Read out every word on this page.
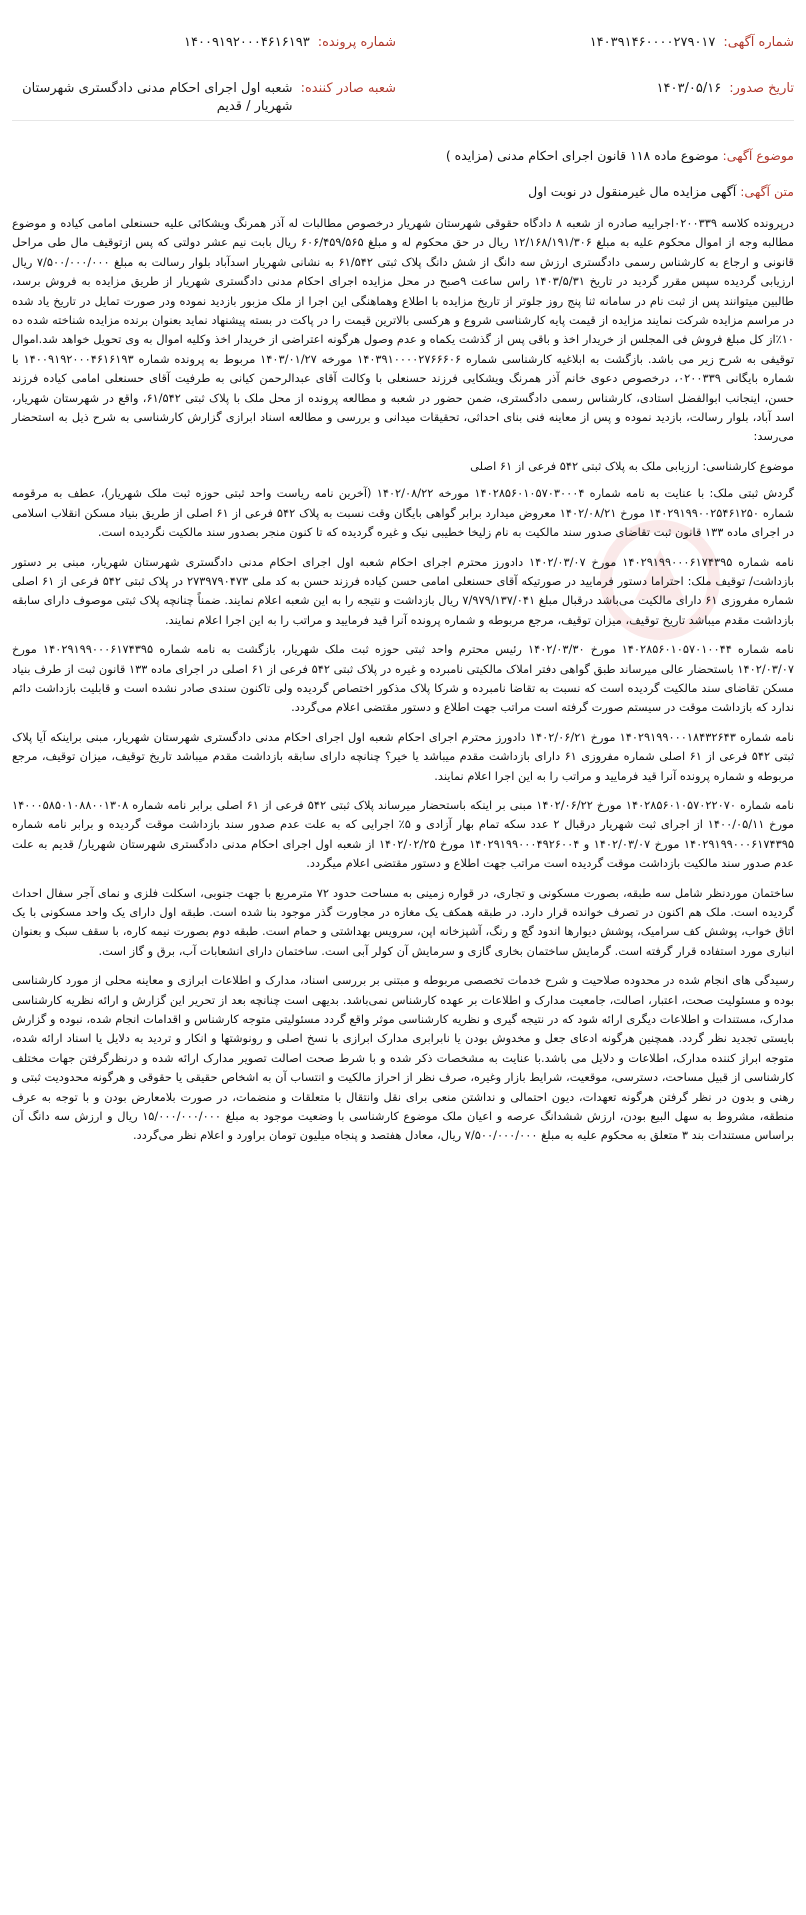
شماره آگهی:
۱۴۰۳۹۱۴۶۰۰۰۰۲۷۹۰۱۷
شماره پرونده:
۱۴۰۰۹۱۹۲۰۰۰۴۶۱۶۱۹۳
تاریخ صدور:
۱۴۰۳/۰۵/۱۶
شعبه صادر کننده:
شعبه اول اجرای احکام مدنی دادگستری شهرستان شهریار / قدیم
موضوع آگهی: موضوع ماده ۱۱۸ قانون اجرای احکام مدنی (مزایده )
متن آگهی: آگهی مزایده مال غیرمنقول در نوبت اول

درپرونده کلاسه ۰۲۰۰۳۳۹اجراییه صادره از شعبه ۸ دادگاه حقوقی شهرستان شهریار درخصوص مطالبات له آذر همرنگ ویشکائی علیه حسنعلی امامی کیاده و موضوع مطالبه وجه از اموال محکوم علیه به مبلغ ۱۲/۱۶۸/۱۹۱/۳۰۶ ریال در حق محکوم له و مبلغ ۶۰۶/۴۵۹/۵۶۵ ریال بابت نیم عشر دولتی که پس ازتوقیف مال طی مراحل قانونی و ارجاع به کارشناس رسمی دادگستری ارزش سه دانگ از شش دانگ پلاک ثبتی ۶۱/۵۴۲ به نشانی شهریار اسدآباد بلوار رسالت به مبلغ ۷/۵۰۰/۰۰۰/۰۰۰ ریال ارزیابی گردیده سپس مقرر گردید در تاریخ ۱۴۰۳/۵/۳۱ راس ساعت ۹صبح در محل مزایده اجرای احکام مدنی دادگستری شهریار از طریق مزایده به فروش برسد، طالبین میتوانند پس از ثبت نام در سامانه ثنا پنج روز جلوتر از تاریخ مزایده با اطلاع وهماهنگی این اجرا از ملک مزبور بازدید نموده ودر صورت تمایل در تاریخ یاد شده در مراسم مزایده شرکت نمایند مزایده از قیمت پایه کارشناسی شروع و هرکسی بالاترین قیمت را در پاکت در بسته پیشنهاد نماید بعنوان برنده مزایده شناخته شده ده ۱۰٪از کل مبلغ فروش فی المجلس از خریدار اخذ و باقی پس از گذشت یکماه و عدم وصول هرگونه اعتراضی از خریدار اخذ وکلیه اموال به وی تحویل خواهد شد.اموال توقیفی به شرح زیر می باشد. بازگشت به ابلاغیه کارشناسی شماره ۱۴۰۳۹۱۰۰۰۰۲۷۶۶۶۰۶ مورخه ۱۴۰۳/۰۱/۲۷ مربوط به پرونده شماره ۱۴۰۰۹۱۹۲۰۰۰۴۶۱۶۱۹۳ با شماره بایگانی ۰۲۰۰۳۳۹، درخصوص دعوی خانم آذر همرنگ ویشکایی فرزند حسنعلی با وکالت آقای عبدالرحمن کیانی به طرفیت آقای حسنعلی امامی کیاده فرزند حسن، اینجانب ابوالفضل استادی، کارشناس رسمی دادگستری، ضمن حضور در شعبه و مطالعه پرونده از محل ملک با پلاک ثبتی ۶۱/۵۴۲، واقع در شهرستان شهریار، اسد آباد، بلوار رسالت، بازدید نموده و پس از معاینه فنی بنای احداثی، تحقیقات میدانی و بررسی و مطالعه اسناد ابرازی گزارش کارشناسی به شرح ذیل به استحضار می‌رسد:

موضوع کارشناسی: ارزیابی ملک به پلاک ثبتی ۵۴۲ فرعی از ۶۱ اصلی

گردش ثبتی ملک: با عنایت به نامه شماره ۱۴۰۲۸۵۶۰۱۰۵۷۰۳۰۰۰۴ مورخه ۱۴۰۲/۰۸/۲۲ (آخرین نامه ریاست واحد ثبتی حوزه ثبت ملک شهریار)، عطف به مرقومه شماره ۱۴۰۲۹۱۹۹۰۰۲۵۴۶۱۲۵۰ مورخ ۱۴۰۲/۰۸/۲۱ معروض میدارد برابر گواهی بایگان وقت نسبت به پلاک ۵۴۲ فرعی از ۶۱ اصلی از طریق بنیاد مسکن انقلاب اسلامی در اجرای ماده ۱۳۳ قانون ثبت تقاضای صدور سند مالکیت به نام زلیخا خطیبی نیک و غیره گردیده که تا کنون منجر بصدور سند مالکیت نگردیده است.

نامه شماره ۱۴۰۲۹۱۹۹۰۰۰۶۱۷۴۳۹۵ مورخ ۱۴۰۲/۰۳/۰۷ دادورز محترم اجرای احکام شعبه اول اجرای احکام مدنی دادگستری شهرستان شهریار، مبنی بر دستور بازداشت/ توقیف ملک: احتراما دستور فرمایید در صورتیکه آقای حسنعلی امامی حسن کیاده فرزند حسن به کد ملی ۲۷۳۹۷۹۰۴۷۳ در پلاک ثبتی ۵۴۲ فرعی از ۶۱ اصلی شماره مفروزی ۶۱ دارای مالکیت می‌باشد درقبال مبلغ ۷/۹۷۹/۱۳۷/۰۴۱ ریال بازداشت و نتیجه را به این شعبه اعلام نمایند. ضمناً چنانچه پلاک ثبتی موصوف دارای سابقه بازداشت مقدم میباشد تاریخ توقیف، میزان توقیف، مرجع مربوطه و شماره پرونده آنرا قید فرمایید و مراتب را به این اجرا اعلام نمایند.

نامه شماره ۱۴۰۲۸۵۶۰۱۰۵۷۰۱۰۰۴۴ مورخ ۱۴۰۲/۰۳/۳۰ رئیس محترم واحد ثبتی حوزه ثبت ملک شهریار، بازگشت به نامه شماره ۱۴۰۲۹۱۹۹۰۰۰۶۱۷۴۳۹۵ مورخ ۱۴۰۲/۰۳/۰۷ باستحضار عالی میرساند طبق گواهی دفتر املاک مالکیتی نامبرده و غیره در پلاک ثبتی ۵۴۲ فرعی از ۶۱ اصلی در اجرای ماده ۱۳۳ قانون ثبت از طرف بنیاد مسکن تقاضای سند مالکیت گردیده است که نسبت به تقاضا نامبرده و شرکا پلاک مذکور اختصاص گردیده ولی تاکنون سندی صادر نشده است و قابلیت بازداشت دائم ندارد که بازداشت موقت در سیستم صورت گرفته است مراتب جهت اطلاع و دستور مقتضی اعلام می‌گردد.

نامه شماره ۱۴۰۲۹۱۹۹۰۰۰۱۸۴۳۲۶۴۳ مورخ ۱۴۰۲/۰۶/۲۱ دادورز محترم اجرای احکام شعبه اول اجرای احکام مدنی دادگستری شهرستان شهریار، مبنی براینکه آیا پلاک ثبتی ۵۴۲ فرعی از ۶۱ اصلی شماره مفروزی ۶۱ دارای بازداشت مقدم میباشد یا خیر؟ چنانچه دارای سابقه بازداشت مقدم میباشد تاریخ توقیف، میزان توقیف، مرجع مربوطه و شماره پرونده آنرا قید فرمایید و مراتب را به این اجرا اعلام نمایند.

نامه شماره ۱۴۰۲۸۵۶۰۱۰۵۷۰۲۲۰۷۰ مورخ ۱۴۰۲/۰۶/۲۲ مبنی بر اینکه باستحضار میرساند پلاک ثبتی ۵۴۲ فرعی از ۶۱ اصلی برابر نامه شماره ۱۴۰۰۰۵۸۵۰۱۰۸۸۰۰۱۳۰۸ مورخ ۱۴۰۰/۰۵/۱۱ از اجرای ثبت شهریار درقبال ۲ عدد سکه تمام بهار آزادی و ۵٪ اجرایی که به علت عدم صدور سند بازداشت موقت گردیده و برابر نامه شماره ۱۴۰۲۹۱۹۹۰۰۰۶۱۷۴۳۹۵ مورخ ۱۴۰۲/۰۳/۰۷ و ۱۴۰۲۹۱۹۹۰۰۰۴۹۲۶۰۰۴ مورخ ۱۴۰۲/۰۲/۲۵ از شعبه اول اجرای احکام مدنی دادگستری شهرستان شهریار/ قدیم به علت عدم صدور سند مالکیت بازداشت موقت گردیده است مراتب جهت اطلاع و دستور مقتضی اعلام میگردد.

ساختمان موردنظر شامل سه طبقه، بصورت مسکونی و تجاری، در قواره زمینی به مساحت حدود ۷۲ مترمربع با جهت جنوبی، اسکلت فلزی و نمای آجر سفال احداث گردیده است. ملک هم اکنون در تصرف خوانده قرار دارد. در طبقه همکف یک مغازه در مجاورت گذر موجود بنا شده است. طبقه اول دارای یک واحد مسکونی با یک اتاق خواب، پوشش کف سرامیک، پوشش دیوارها اندود گچ و رنگ، آشپزخانه اپن، سرویس بهداشتی و حمام است. طبقه دوم بصورت نیمه کاره، با سقف سبک و بعنوان انباری مورد استفاده قرار گرفته است. گرمایش ساختمان بخاری گازی و سرمایش آن کولر آبی است. ساختمان دارای انشعابات آب، برق و گاز است.

رسیدگی های انجام شده در محدوده صلاحیت و شرح خدمات تخصصی مربوطه و مبتنی بر بررسی اسناد، مدارک و اطلاعات ابرازی و معاینه محلی از مورد کارشناسی بوده و مسئولیت صحت، اعتبار، اصالت، جامعیت مدارک و اطلاعات بر عهده کارشناس نمی‌باشد. بدیهی است چنانچه بعد از تحریر این گزارش و ارائه نظریه کارشناسی مدارک، مستندات و اطلاعات دیگری ارائه شود که در نتیجه گیری و نظریه کارشناسی موثر واقع گردد مسئولیتی متوجه کارشناس و اقدامات انجام شده، نبوده و گزارش بایستی تجدید نظر گردد. همچنین هرگونه ادعای جعل و مخدوش بودن یا نابرابری مدارک ابرازی با نسخ اصلی و رونوشتها و انکار و تردید به دلایل یا اسناد ارائه شده، متوجه ابراز کننده مدارک، اطلاعات و دلایل می باشد.با عنایت به مشخصات ذکر شده و با شرط صحت اصالت تصویر مدارک ارائه شده و درنظرگرفتن جهات مختلف کارشناسی از قبیل مساحت، دسترسی، موقعیت، شرایط بازار وغیره، صرف نظر از احراز مالکیت و انتساب آن به اشخاص حقیقی یا حقوقی و هرگونه محدودیت ثبتی و رهنی و بدون در نظر گرفتن هرگونه تعهدات، دیون احتمالی و نداشتن منعی برای نقل وانتقال با متعلقات و منضمات، در صورت بلامعارض بودن و با توجه به عرف منطقه، مشروط به سهل البیع بودن، ارزش ششدانگ عرصه و اعیان ملک موضوع کارشناسی با وضعیت موجود به مبلغ ۱۵/۰۰۰/۰۰۰/۰۰۰ ریال و ارزش سه دانگ آن براساس مستندات بند ۳ متعلق به محکوم علیه به مبلغ ۷/۵۰۰/۰۰۰/۰۰۰ ریال، معادل هفتصد و پنجاه میلیون تومان براورد و اعلام نظر می‌گردد.
